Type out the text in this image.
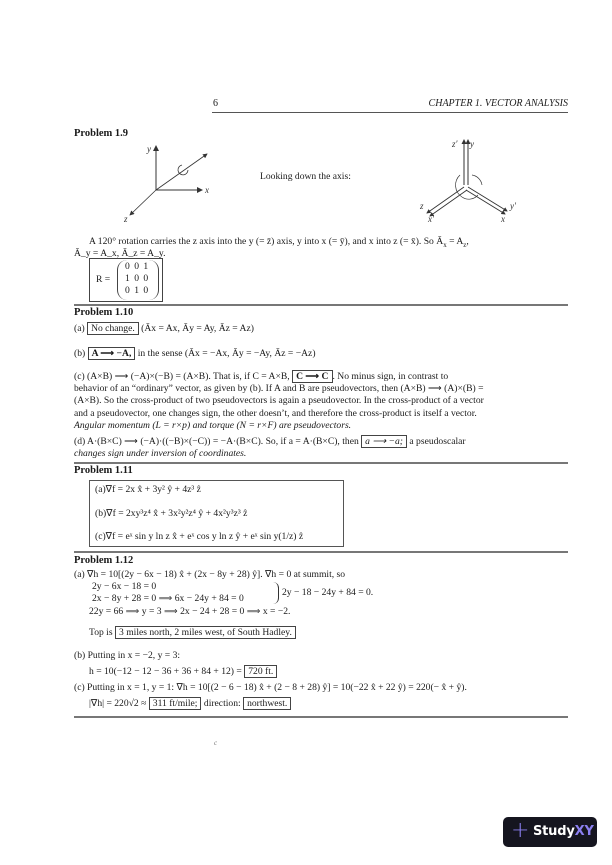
6	CHAPTER 1. VECTOR ANALYSIS
Problem 1.9
y
x
z
Looking down the axis:
z′ y
z
x′
y′
x
A 120° rotation carries the z axis into the y (= z̄) axis, y into x (= ȳ), and x into z (= x̄). So $Ā_x = A_z$,
Ā_y = A_x, Ā_z = A_y.
R =
0 0 1
1 0 0
0 1 0
Problem 1.10
(a) No change. (Āx = Ax, Āy = Ay, Āz = Az)
(b) A ⟶ −A, in the sense (Āx = −Ax, Āy = −Ay, Āz = −Az)
(c) (A×B) ⟶ (−A)×(−B) = (A×B). That is, if C = A×B, C ⟶ C . No minus sign, in contrast to
behavior of an “ordinary” vector, as given by (b). If A and B are pseudovectors, then (A×B) ⟶ (A)×(B) =
(A×B). So the cross-product of two pseudovectors is again a pseudovector. In the cross-product of a vector
and a pseudovector, one changes sign, the other doesn’t, and therefore the cross-product is itself a vector.
Angular momentum (L = r×p) and torque (N = r×F) are pseudovectors.
(d) A·(B×C) ⟶ (−A)·((−B)×(−C)) = −A·(B×C). So, if a = A·(B×C), then a ⟶ −a; a pseudoscalar
changes sign under inversion of coordinates.
Problem 1.11
(a)∇f = 2x x̂ + 3y² ŷ + 4z³ ẑ
(b)∇f = 2xy³z⁴ x̂ + 3x²y²z⁴ ŷ + 4x²y³z³ ẑ
(c)∇f = eˣ sin y ln z x̂ + eˣ cos y ln z ŷ + eˣ sin y(1/z) ẑ
Problem 1.12
(a) ∇h = 10[(2y − 6x − 18) x̂ + (2x − 8y + 28) ŷ]. ∇h = 0 at summit, so
2y − 6x − 18 = 0
2x − 8y + 28 = 0 ⟹ 6x − 24y + 84 = 0
2y − 18 − 24y + 84 = 0.
22y = 66 ⟹ y = 3 ⟹ 2x − 24 + 28 = 0 ⟹ x = −2.
Top is 3 miles north, 2 miles west, of South Hadley.
(b) Putting in x = −2, y = 3:
h = 10(−12 − 12 − 36 + 36 + 84 + 12) = 720 ft.
(c) Putting in x = 1, y = 1: ∇h = 10[(2 − 6 − 18) x̂ + (2 − 8 + 28) ŷ] = 10(−22 x̂ + 22 ŷ) = 220(− x̂ + ŷ).
|∇h| = 220√2 ≈ 311 ft/mile; direction: northwest.
c
+ StudyXY
